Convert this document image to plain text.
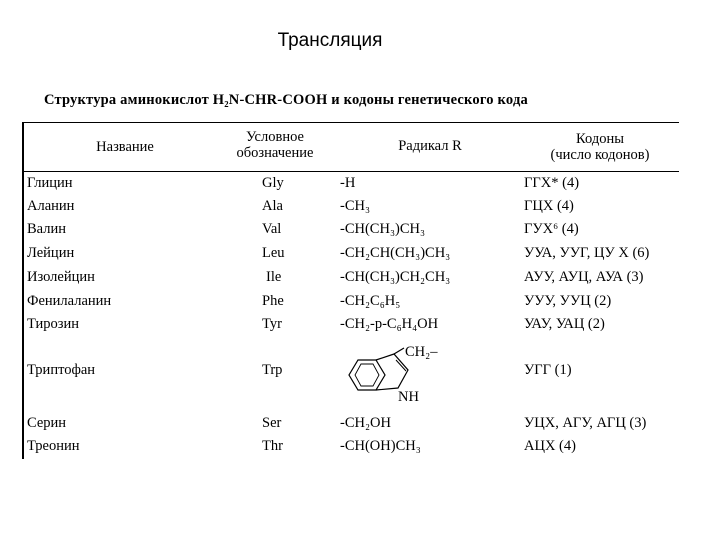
Трансляция
Структура аминокислот H₂N-CHR-COOH и кодоны генетического кода
Название
Условное
обозначение	Радикал R	Кодоны
(число кодонов)
Глицин
Аланин
Валин
Лейцин
Изолейцин
Фенилаланин
Тирозин
Триптофан
Серин
Треонин
Gly
Ala
Val
Leu
Ile
Phe
Tyr
Trp
Ser
Thr
-H
-CH₃
-CH(CH₃)CH₃
-CH₂CH(CH₃)CH₃
-CH(CH₃)CH₂CH₃
-CH₂C₆H₅
-CH₂-p-C₆H₄OH
CH₂–
NH
-CH₂OH
-CH(OH)CH₃
ГГХ* (4)
ГЦХ (4)
ГУХ⁶ (4)
УУА, УУГ, ЦУ Х (6)
АУУ, АУЦ, АУА (3)
УУУ, УУЦ (2)
УАУ, УАЦ (2)
УГГ (1)
УЦХ, АГУ, АГЦ (3)
АЦХ (4)
